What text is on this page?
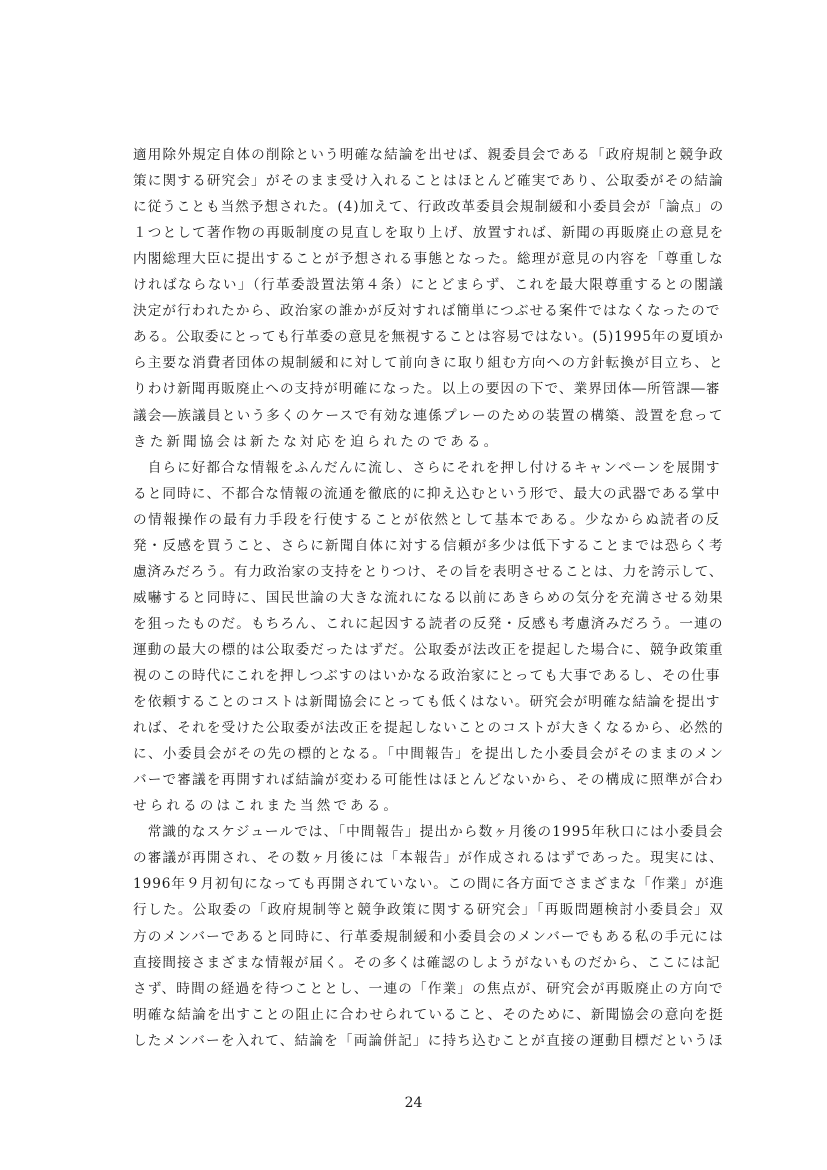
適用除外規定自体の削除という明確な結論を出せば、親委員会である「政府規制と競争政
策に関する研究会」がそのまま受け入れることはほとんど確実であり、公取委がその結論
に従うことも当然予想された。(4)加えて、行政改革委員会規制緩和小委員会が「論点」の
１つとして著作物の再販制度の見直しを取り上げ、放置すれば、新聞の再販廃止の意見を
内閣総理大臣に提出することが予想される事態となった。総理が意見の内容を「尊重しな
ければならない」（行革委設置法第４条）にとどまらず、これを最大限尊重するとの閣議
決定が行われたから、政治家の誰かが反対すれば簡単につぶせる案件ではなくなったので
ある。公取委にとっても行革委の意見を無視することは容易ではない。(5)1995年の夏頃か
ら主要な消費者団体の規制緩和に対して前向きに取り組む方向への方針転換が目立ち、と
りわけ新聞再販廃止への支持が明確になった。以上の要因の下で、業界団体―所管課―審
議会―族議員という多くのケースで有効な連係プレーのための装置の構築、設置を怠って
きた新聞協会は新たな対応を迫られたのである。
　自らに好都合な情報をふんだんに流し、さらにそれを押し付けるキャンペーンを展開す
ると同時に、不都合な情報の流通を徹底的に抑え込むという形で、最大の武器である掌中
の情報操作の最有力手段を行使することが依然として基本である。少なからぬ読者の反
発・反感を買うこと、さらに新聞自体に対する信頼が多少は低下することまでは恐らく考
慮済みだろう。有力政治家の支持をとりつけ、その旨を表明させることは、力を誇示して、
威嚇すると同時に、国民世論の大きな流れになる以前にあきらめの気分を充満させる効果
を狙ったものだ。もちろん、これに起因する読者の反発・反感も考慮済みだろう。一連の
運動の最大の標的は公取委だったはずだ。公取委が法改正を提起した場合に、競争政策重
視のこの時代にこれを押しつぶすのはいかなる政治家にとっても大事であるし、その仕事
を依頼することのコストは新聞協会にとっても低くはない。研究会が明確な結論を提出す
れば、それを受けた公取委が法改正を提起しないことのコストが大きくなるから、必然的
に、小委員会がその先の標的となる。「中間報告」を提出した小委員会がそのままのメン
バーで審議を再開すれば結論が変わる可能性はほとんどないから、その構成に照準が合わ
せられるのはこれまた当然である。
　常識的なスケジュールでは、「中間報告」提出から数ヶ月後の1995年秋口には小委員会
の審議が再開され、その数ヶ月後には「本報告」が作成されるはずであった。現実には、
1996年９月初旬になっても再開されていない。この間に各方面でさまざまな「作業」が進
行した。公取委の「政府規制等と競争政策に関する研究会」「再販問題検討小委員会」双
方のメンバーであると同時に、行革委規制緩和小委員会のメンバーでもある私の手元には
直接間接さまざまな情報が届く。その多くは確認のしようがないものだから、ここには記
さず、時間の経過を待つこととし、一連の「作業」の焦点が、研究会が再販廃止の方向で
明確な結論を出すことの阻止に合わせられていること、そのために、新聞協会の意向を挺
したメンバーを入れて、結論を「両論併記」に持ち込むことが直接の運動目標だというほ
24
